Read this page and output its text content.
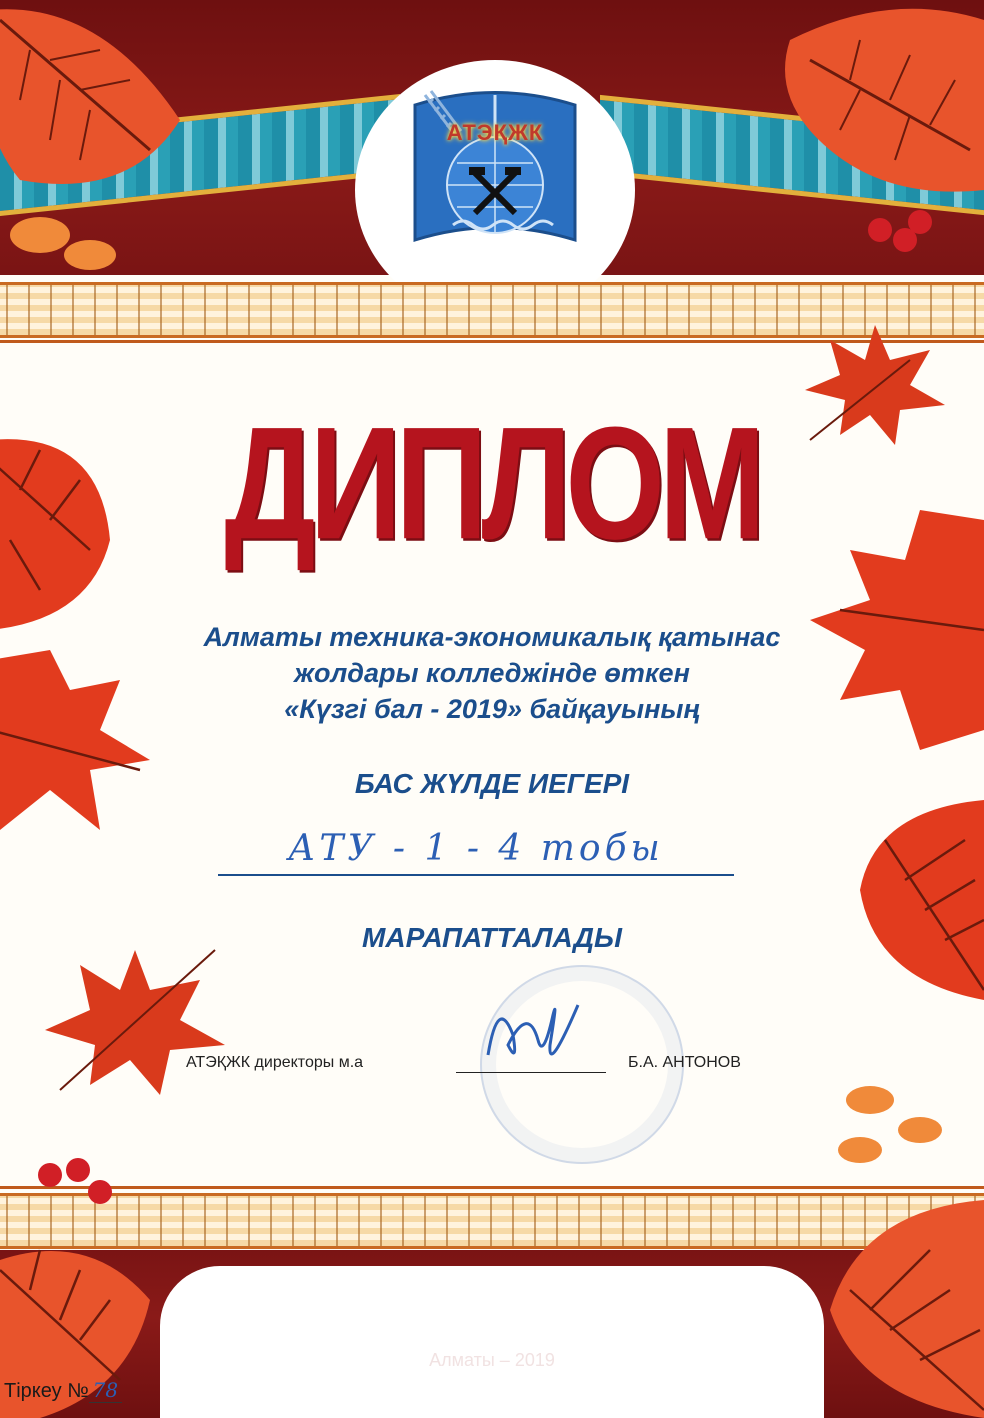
АТЭҚЖК
ДИПЛОМ
Алматы техника-экономикалық қатынас
жолдары колледжінде өткен
«Күзгі бал - 2019» байқауының
БАС ЖҮЛДЕ ИЕГЕРІ
АТУ - 1 - 4 тобы
МАРАПАТТАЛАДЫ
АТЭҚЖК директоры м.а	Б.А. АНТОНОВ
Алматы – 2019
Тіркеу № 78
